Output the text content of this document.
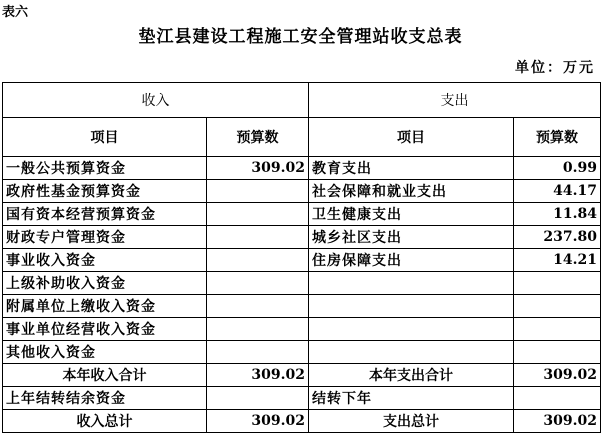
表六
垫江县建设工程施工安全管理站收支总表
单位：万元
收入		支出	
项目	预算数	项目	预算数
一般公共预算资金	309.02	教育支出	0.99
政府性基金预算资金		社会保障和就业支出	44.17
国有资本经营预算资金		卫生健康支出	11.84
财政专户管理资金		城乡社区支出	237.80
事业收入资金		住房保障支出	14.21
上级补助收入资金			
附属单位上缴收入资金			
事业单位经营收入资金			
其他收入资金			
本年收入合计	309.02	本年支出合计	309.02
上年结转结余资金		结转下年	
收入总计	309.02	支出总计	309.02
